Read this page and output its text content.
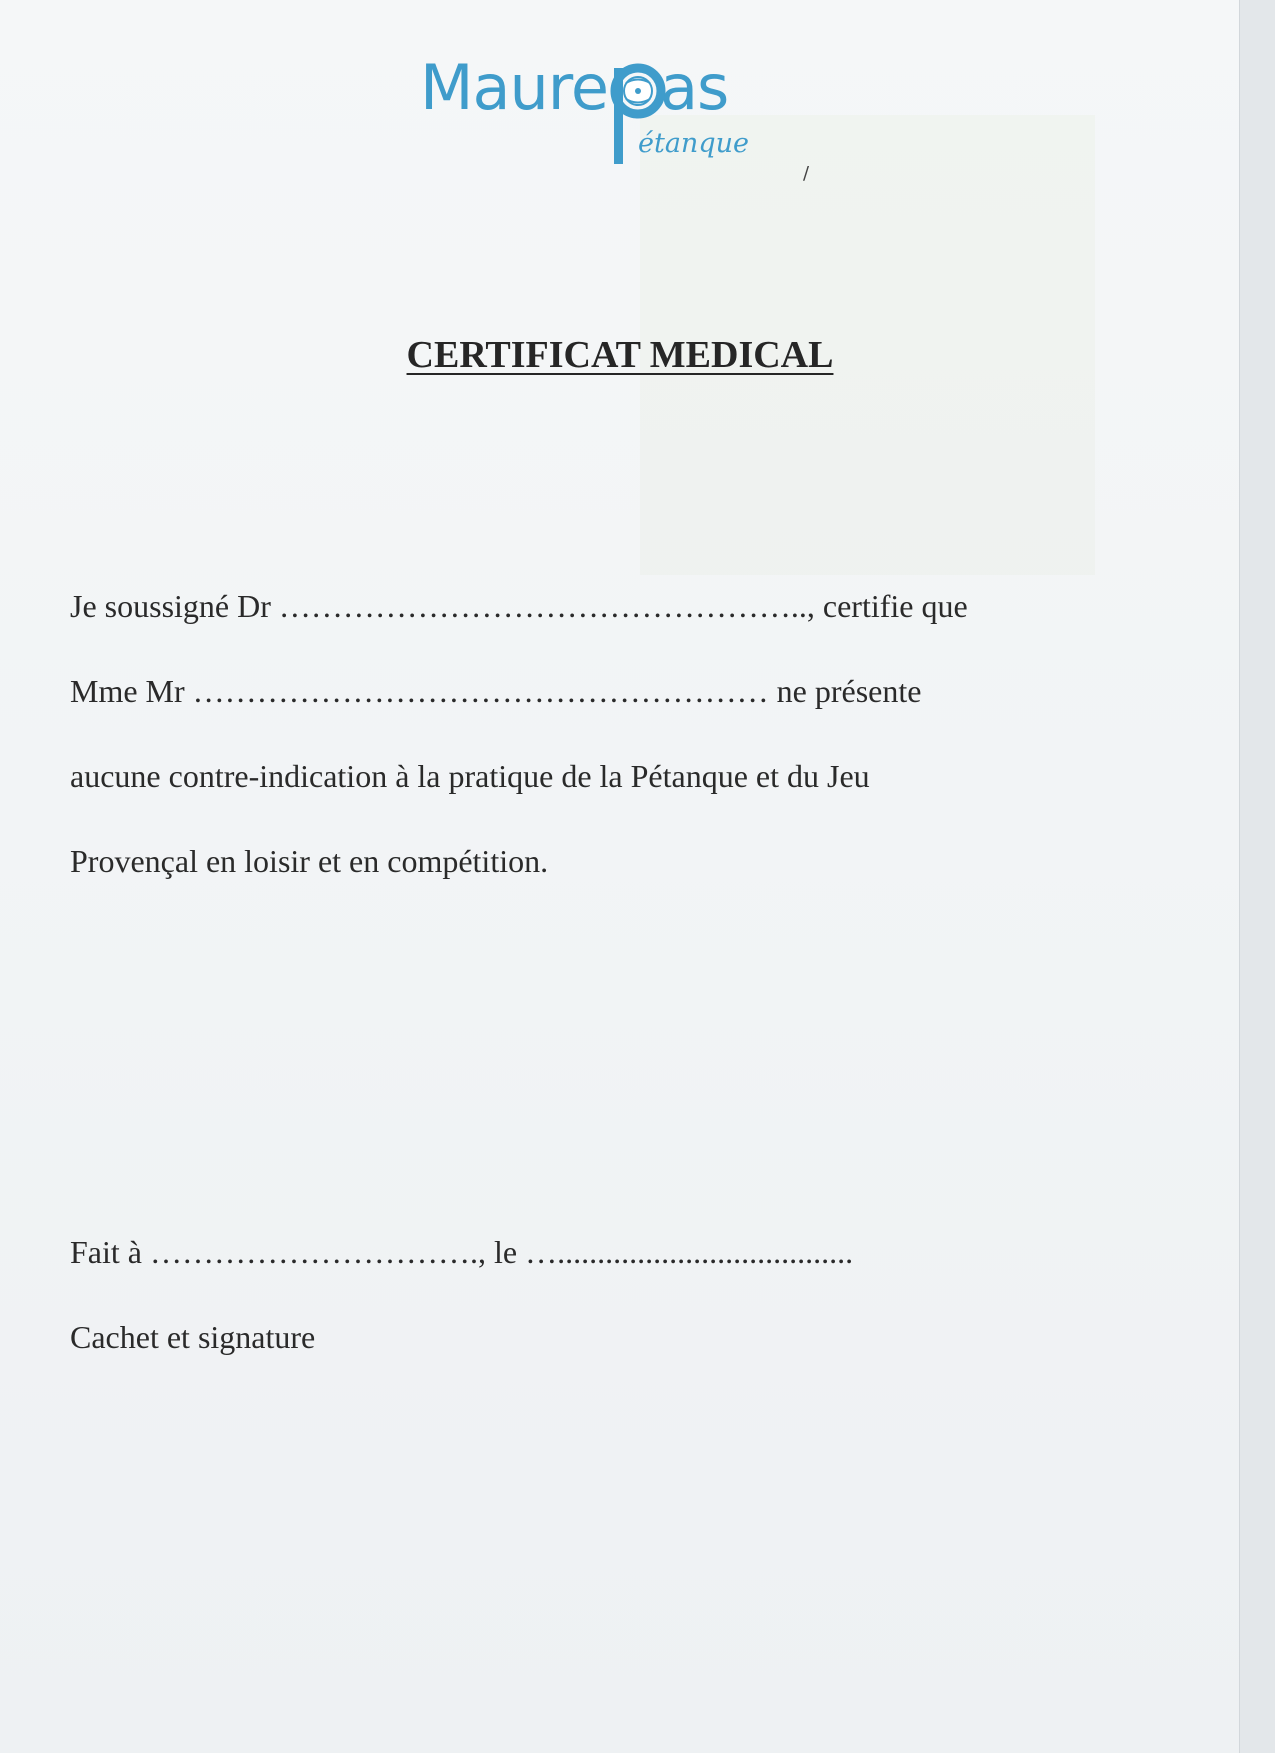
Maure as
étanque
/
CERTIFICAT MEDICAL
Je soussigné Dr ………………………………………….., certifie que
Mme Mr ……………………………………………… ne présente
aucune contre-indication à la pratique de la Pétanque et du Jeu
Provençal en loisir et en compétition.
Fait à …………………………., le ….....................................
Cachet et signature
